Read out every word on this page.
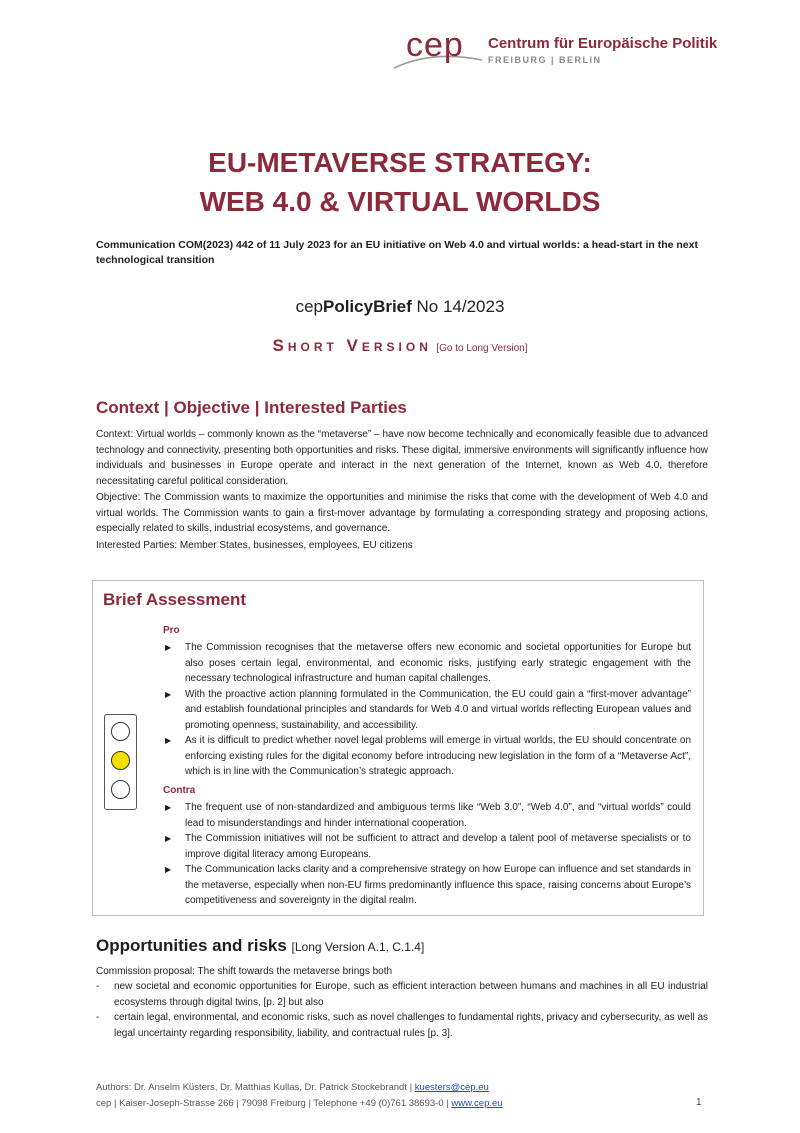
cep Centrum für Europäische Politik
FREIBURG | BERLIN
EU-METAVERSE STRATEGY:
WEB 4.0 & VIRTUAL WORLDS
Communication COM(2023) 442 of 11 July 2023 for an EU initiative on Web 4.0 and virtual worlds: a head-start in the next technological transition
cepPolicyBrief No 14/2023
Short Version [Go to Long Version]
Context | Objective | Interested Parties
Context: Virtual worlds – commonly known as the “metaverse” – have now become technically and economically feasible due to advanced technology and connectivity, presenting both opportunities and risks. These digital, immersive environments will significantly influence how individuals and businesses in Europe operate and interact in the next generation of the Internet, known as Web 4.0, therefore necessitating careful political consideration.
Objective: The Commission wants to maximize the opportunities and minimise the risks that come with the development of Web 4.0 and virtual worlds. The Commission wants to gain a first-mover advantage by formulating a corresponding strategy and proposing actions, especially related to skills, industrial ecosystems, and governance.
Interested Parties: Member States, businesses, employees, EU citizens
Brief Assessment
Pro
▶ The Commission recognises that the metaverse offers new economic and societal opportunities for Europe but also poses certain legal, environmental, and economic risks, justifying early strategic engagement with the necessary technological infrastructure and human capital challenges.
▶ With the proactive action planning formulated in the Communication, the EU could gain a “first-mover advantage” and establish foundational principles and standards for Web 4.0 and virtual worlds reflecting European values and promoting openness, sustainability, and accessibility.
▶ As it is difficult to predict whether novel legal problems will emerge in virtual worlds, the EU should concentrate on enforcing existing rules for the digital economy before introducing new legislation in the form of a “Metaverse Act”, which is in line with the Communication’s strategic approach.
Contra
▶ The frequent use of non-standardized and ambiguous terms like “Web 3.0”, “Web 4.0”, and “virtual worlds” could lead to misunderstandings and hinder international cooperation.
▶ The Commission initiatives will not be sufficient to attract and develop a talent pool of metaverse specialists or to improve digital literacy among Europeans.
▶ The Communication lacks clarity and a comprehensive strategy on how Europe can influence and set standards in the metaverse, especially when non-EU firms predominantly influence this space, raising concerns about Europe’s competitiveness and sovereignty in the digital realm.
Opportunities and risks [Long Version A.1, C.1.4]
Commission proposal: The shift towards the metaverse brings both
- new societal and economic opportunities for Europe, such as efficient interaction between humans and machines in all EU industrial ecosystems through digital twins, [p. 2] but also
- certain legal, environmental, and economic risks, such as novel challenges to fundamental rights, privacy and cybersecurity, as well as legal uncertainty regarding responsibility, liability, and contractual rules [p. 3].
Authors: Dr. Anselm Küsters, Dr. Matthias Kullas, Dr. Patrick Stockebrandt | kuesters@cep.eu
cep | Kaiser-Joseph-Strasse 266 | 79098 Freiburg | Telephone +49 (0)761 38693-0 | www.cep.eu	1
